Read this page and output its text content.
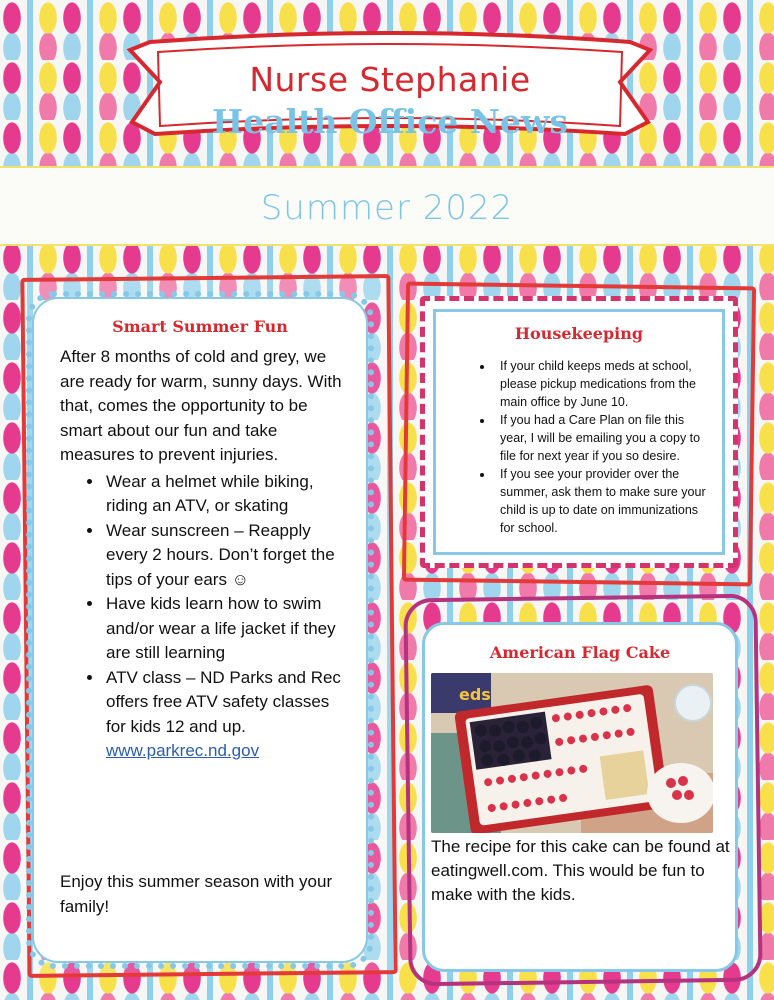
Nurse Stephanie
Health Office News
Summer 2022
Smart Summer Fun

After 8 months of cold and grey, we are ready for warm, sunny days. With that, comes the opportunity to be smart about our fun and take measures to prevent injuries.

• Wear a helmet while biking, riding an ATV, or skating
• Wear sunscreen – Reapply every 2 hours. Don’t forget the tips of your ears ☺
• Have kids learn how to swim and/or wear a life jacket if they are still learning
• ATV class – ND Parks and Rec offers free ATV safety classes for kids 12 and up. www.parkrec.nd.gov

Enjoy this summer season with your family!

Housekeeping
• If your child keeps meds at school, please pickup medications from the main office by June 10.
• If you had a Care Plan on file this year, I will be emailing you a copy to file for next year if you so desire.
• If you see your provider over the summer, ask them to make sure your child is up to date on immunizations for school.
American Flag Cake
eds

The recipe for this cake can be found at eatingwell.com. This would be fun to make with the kids.
